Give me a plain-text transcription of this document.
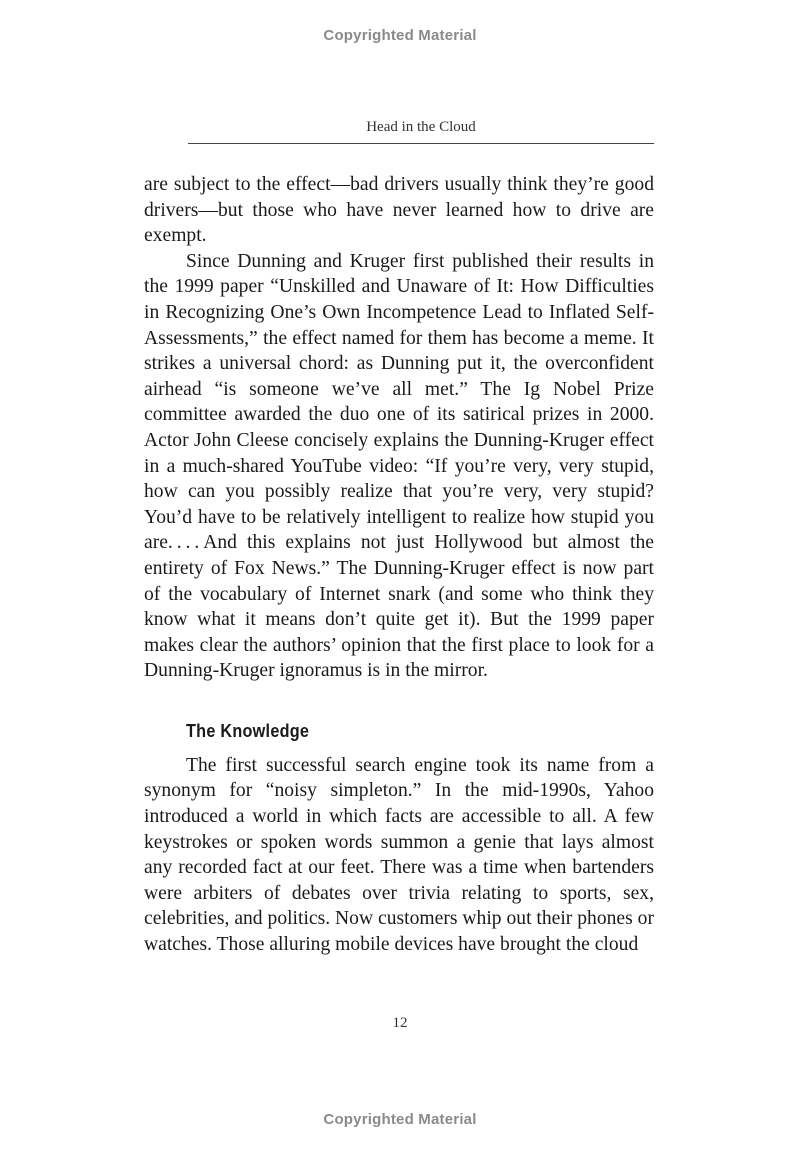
Copyrighted Material
Head in the Cloud

are subject to the effect—bad drivers usually think they’re good drivers—but those who have never learned how to drive are exempt.

Since Dunning and Kruger first published their results in the 1999 paper “Unskilled and Unaware of It: How Difficulties in Recognizing One’s Own Incompetence Lead to Inflated Self-Assessments,” the effect named for them has become a meme. It strikes a universal chord: as Dunning put it, the overconfident airhead “is someone we’ve all met.” The Ig Nobel Prize committee awarded the duo one of its satirical prizes in 2000. Actor John Cleese concisely explains the Dunning-Kruger effect in a much-shared YouTube video: “If you’re very, very stupid, how can you possibly realize that you’re very, very stupid? You’d have to be relatively intelligent to realize how stupid you are. . . . And this explains not just Hollywood but almost the entirety of Fox News.” The Dunning-Kruger effect is now part of the vocabulary of Internet snark (and some who think they know what it means don’t quite get it). But the 1999 paper makes clear the authors’ opinion that the first place to look for a Dunning-Kruger ignoramus is in the mirror.

The Knowledge

The first successful search engine took its name from a synonym for “noisy simpleton.” In the mid-1990s, Yahoo introduced a world in which facts are accessible to all. A few keystrokes or spoken words summon a genie that lays almost any recorded fact at our feet. There was a time when bartenders were arbiters of debates over trivia relating to sports, sex, celebrities, and politics. Now customers whip out their phones or watches. Those alluring mobile devices have brought the cloud

12
Copyrighted Material
